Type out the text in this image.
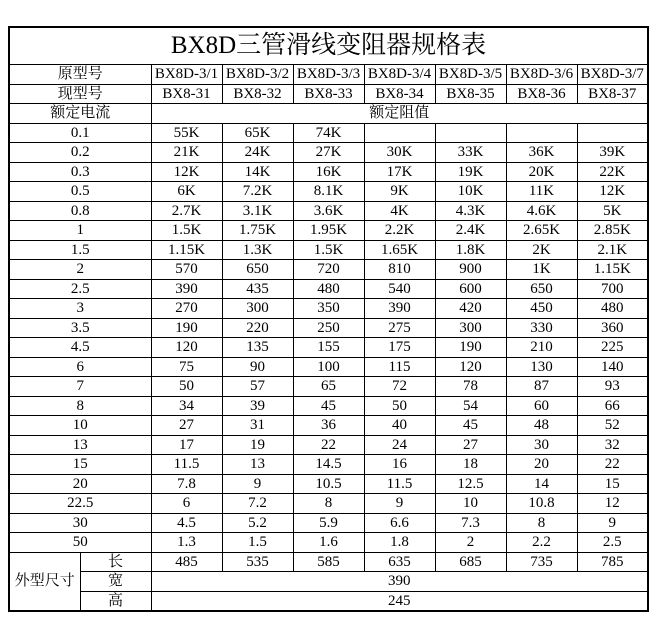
BX8D三管滑线变阻器规格表								
原型号		BX8D-3/1	BX8D-3/2	BX8D-3/3	BX8D-3/4	BX8D-3/5	BX8D-3/6	BX8D-3/7
现型号		BX8-31	BX8-32	BX8-33	BX8-34	BX8-35	BX8-36	BX8-37
额定电流		额定阻值						
0.1		55K	65K	74K				
0.2		21K	24K	27K	30K	33K	36K	39K
0.3		12K	14K	16K	17K	19K	20K	22K
0.5		6K	7.2K	8.1K	9K	10K	11K	12K
0.8		2.7K	3.1K	3.6K	4K	4.3K	4.6K	5K
1		1.5K	1.75K	1.95K	2.2K	2.4K	2.65K	2.85K
1.5		1.15K	1.3K	1.5K	1.65K	1.8K	2K	2.1K
2		570	650	720	810	900	1K	1.15K
2.5		390	435	480	540	600	650	700
3		270	300	350	390	420	450	480
3.5		190	220	250	275	300	330	360
4.5		120	135	155	175	190	210	225
6		75	90	100	115	120	130	140
7		50	57	65	72	78	87	93
8		34	39	45	50	54	60	66
10		27	31	36	40	45	48	52
13		17	19	22	24	27	30	32
15		11.5	13	14.5	16	18	20	22
20		7.8	9	10.5	11.5	12.5	14	15
22.5		6	7.2	8	9	10	10.8	12
30		4.5	5.2	5.9	6.6	7.3	8	9
50		1.3	1.5	1.6	1.8	2	2.2	2.5
外型尺寸	长	485	535	585	635	685	735	785
	宽	390						
	高	245						
